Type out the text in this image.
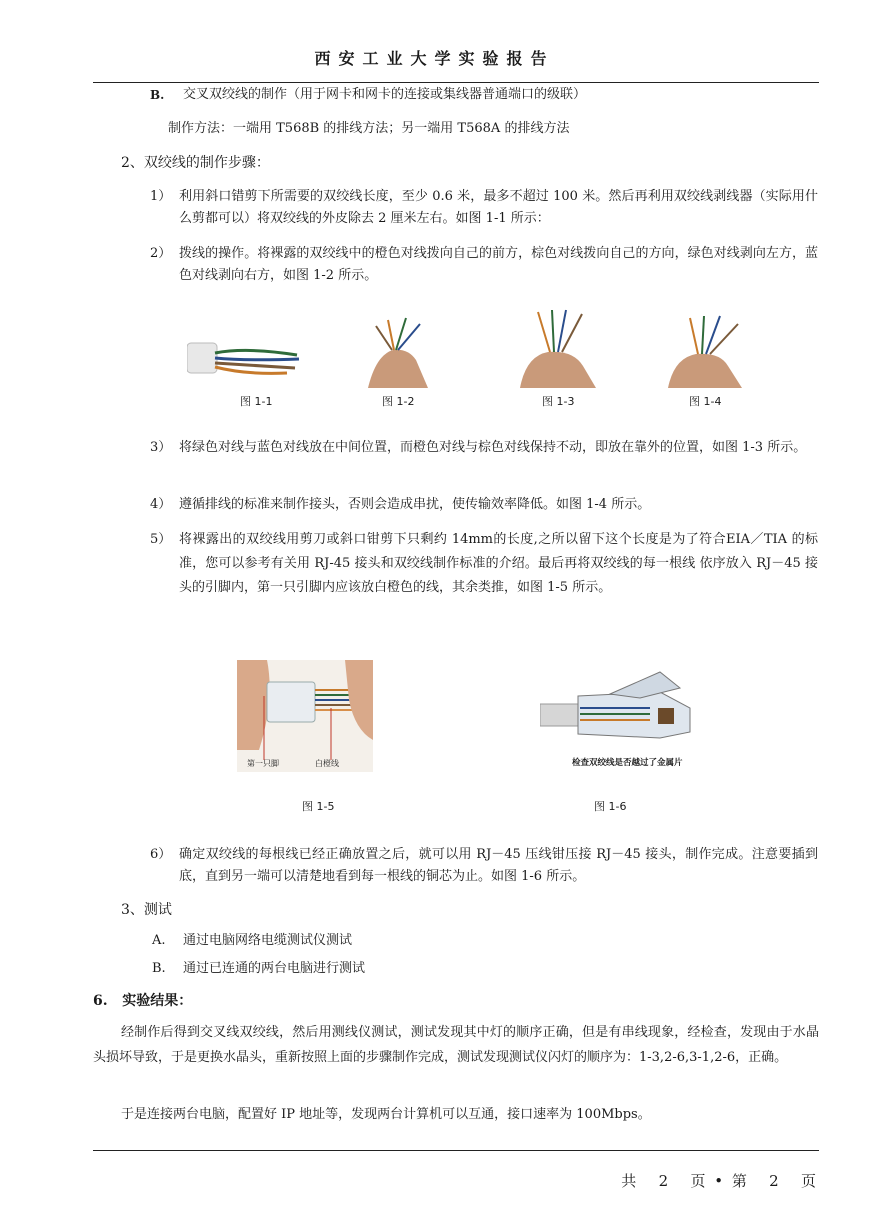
西安工业大学实验报告
B. 交叉双绞线的制作（用于网卡和网卡的连接或集线器普通端口的级联）
制作方法：一端用 T568B 的排线方法；另一端用 T568A 的排线方法
2、双绞线的制作步骤：
1） 利用斜口错剪下所需要的双绞线长度，至少 0.6 米，最多不超过 100 米。然后再利用双绞线剥线器（实际用什么剪都可以）将双绞线的外皮除去 2 厘米左右。如图 1-1 所示：
2） 拨线的操作。将裸露的双绞线中的橙色对线拨向自己的前方，棕色对线拨向自己的方向，绿色对线剥向左方，蓝色对线剥向右方，如图 1-2 所示。
图 1-1	图 1-2	图 1-3	图 1-4
3） 将绿色对线与蓝色对线放在中间位置，而橙色对线与棕色对线保持不动，即放在靠外的位置，如图 1-3 所示。
4） 遵循排线的标准来制作接头，否则会造成串扰，使传输效率降低。如图 1-4 所示。
5） 将裸露出的双绞线用剪刀或斜口钳剪下只剩约 14mm的长度,之所以留下这个长度是为了符合EIA／TIA 的标准，您可以参考有关用 RJ-45 接头和双绞线制作标准的介绍。最后再将双绞线的每一根线 依序放入 RJ－45 接头的引脚内，第一只引脚内应该放白橙色的线，其余类推，如图 1-5 所示。
第一只脚	白橙线	检查双绞线是否越过了金属片
图 1-5	图 1-6
6） 确定双绞线的每根线已经正确放置之后，就可以用 RJ－45 压线钳压接 RJ－45 接头，制作完成。注意要插到底，直到另一端可以清楚地看到每一根线的铜芯为止。如图 1-6 所示。
3、测试
A. 通过电脑网络电缆测试仪测试
B. 通过已连通的两台电脑进行测试
6.   实验结果：
经制作后得到交叉线双绞线，然后用测线仪测试，测试发现其中灯的顺序正确，但是有串线现象，经检查，发现由于水晶头损坏导致，于是更换水晶头，重新按照上面的步骤制作完成，测试发现测试仪闪灯的顺序为：1-3,2-6,3-1,2-6，正确。
于是连接两台电脑，配置好 IP 地址等，发现两台计算机可以互通，接口速率为 100Mbps。
共   2   页 • 第   2   页
